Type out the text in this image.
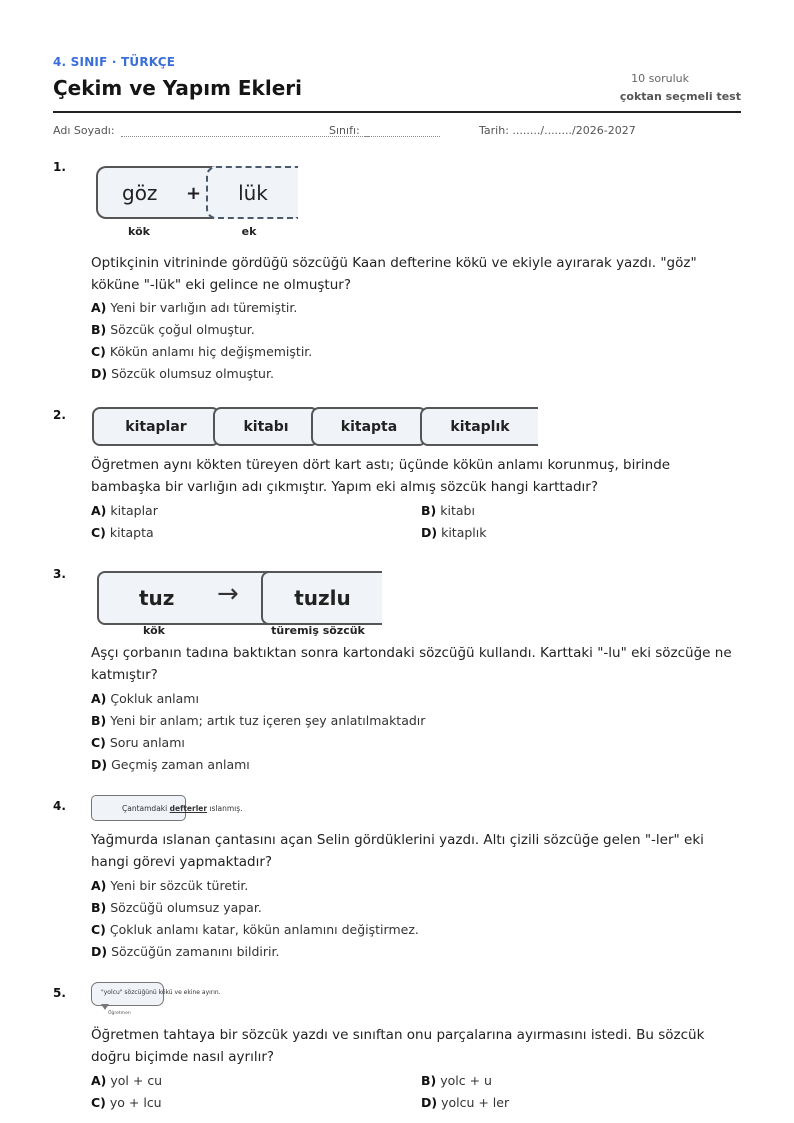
4. SINIF · TÜRKÇE
Çekim ve Yapım Ekleri	10 soruluk
çoktan seçmeli test
Adı Soyadı:	Sınıfı:	Tarih: ......../......../2026-2027
1.
göz + lük
kök	ek
Optikçinin vitrininde gördüğü sözcüğü Kaan defterine kökü ve ekiyle ayırarak yazdı. "göz" köküne "-lük" eki gelince ne olmuştur?
A) Yeni bir varlığın adı türemiştir.
B) Sözcük çoğul olmuştur.
C) Kökün anlamı hiç değişmemiştir.
D) Sözcük olumsuz olmuştur.
2.
kitaplar	kitabı	kitapta	kitaplık
Öğretmen aynı kökten türeyen dört kart astı; üçünde kökün anlamı korunmuş, birinde bambaşka bir varlığın adı çıkmıştır. Yapım eki almış sözcük hangi karttadır?
A) kitaplar	B) kitabı
C) kitapta	D) kitaplık
3.
tuz →	tuzlu
kök	türemiş sözcük
Aşçı çorbanın tadına baktıktan sonra kartondaki sözcüğü kullandı. Karttaki "-lu" eki sözcüğe ne katmıştır?
A) Çokluk anlamı
B) Yeni bir anlam; artık tuz içeren şey anlatılmaktadır
C) Soru anlamı
D) Geçmiş zaman anlamı
4.	Çantamdaki defterler ıslanmış.
Yağmurda ıslanan çantasını açan Selin gördüklerini yazdı. Altı çizili sözcüğe gelen "-ler" eki hangi görevi yapmaktadır?
A) Yeni bir sözcük türetir.
B) Sözcüğü olumsuz yapar.
C) Çokluk anlamı katar, kökün anlamını değiştirmez.
D) Sözcüğün zamanını bildirir.
5.	"yolcu" sözcüğünü kökü ve ekine ayırın.
Öğretmen
Öğretmen tahtaya bir sözcük yazdı ve sınıftan onu parçalarına ayırmasını istedi. Bu sözcük doğru biçimde nasıl ayrılır?
A) yol + cu	B) yolc + u
C) yo + lcu	D) yolcu + ler
